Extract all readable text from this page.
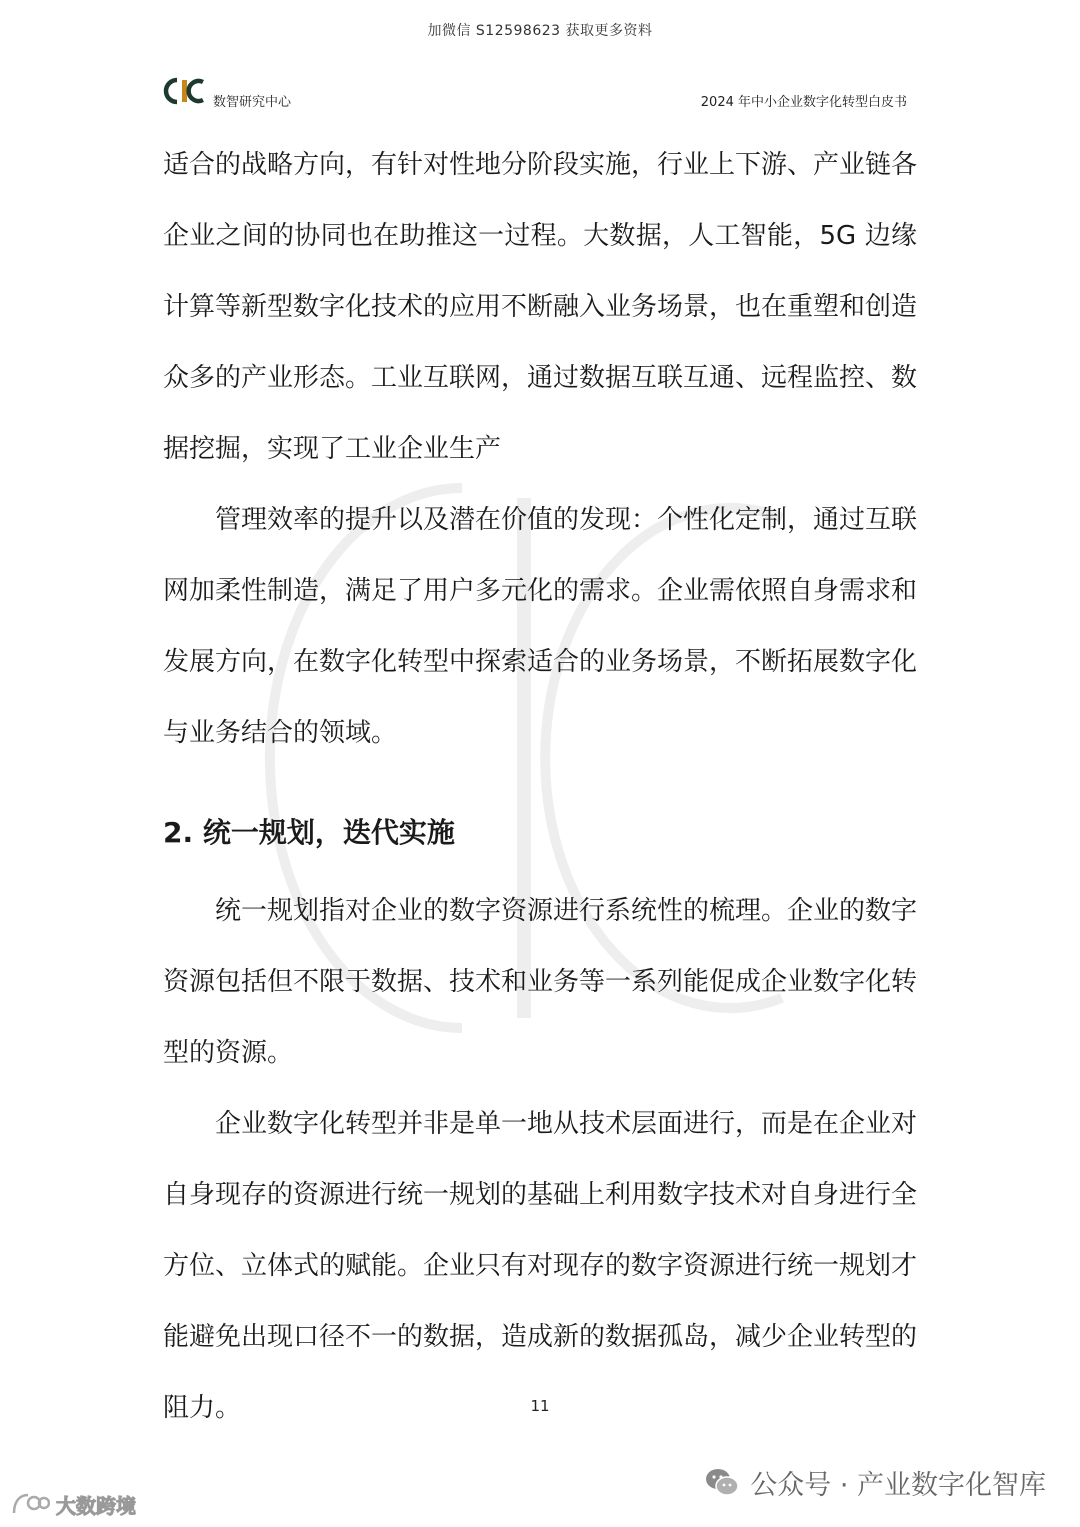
加微信 S12598623 获取更多资料
数智研究中心	2024 年中小企业数字化转型白皮书

适合的战略方向，有针对性地分阶段实施，行业上下游、产业链各企业之间的协同也在助推这一过程。大数据，人工智能，5G 边缘计算等新型数字化技术的应用不断融入业务场景，也在重塑和创造众多的产业形态。工业互联网，通过数据互联互通、远程监控、数据挖掘，实现了工业企业生产

管理效率的提升以及潜在价值的发现：个性化定制，通过互联网加柔性制造，满足了用户多元化的需求。企业需依照自身需求和发展方向，在数字化转型中探索适合的业务场景，不断拓展数字化与业务结合的领域。

2. 统一规划，迭代实施

统一规划指对企业的数字资源进行系统性的梳理。企业的数字资源包括但不限于数据、技术和业务等一系列能促成企业数字化转型的资源。

企业数字化转型并非是单一地从技术层面进行，而是在企业对自身现存的资源进行统一规划的基础上利用数字技术对自身进行全方位、立体式的赋能。企业只有对现存的数字资源进行统一规划才能避免出现口径不一的数据，造成新的数据孤岛，减少企业转型的阻力。	11
公众号 · 产业数字化智库
大数跨境
